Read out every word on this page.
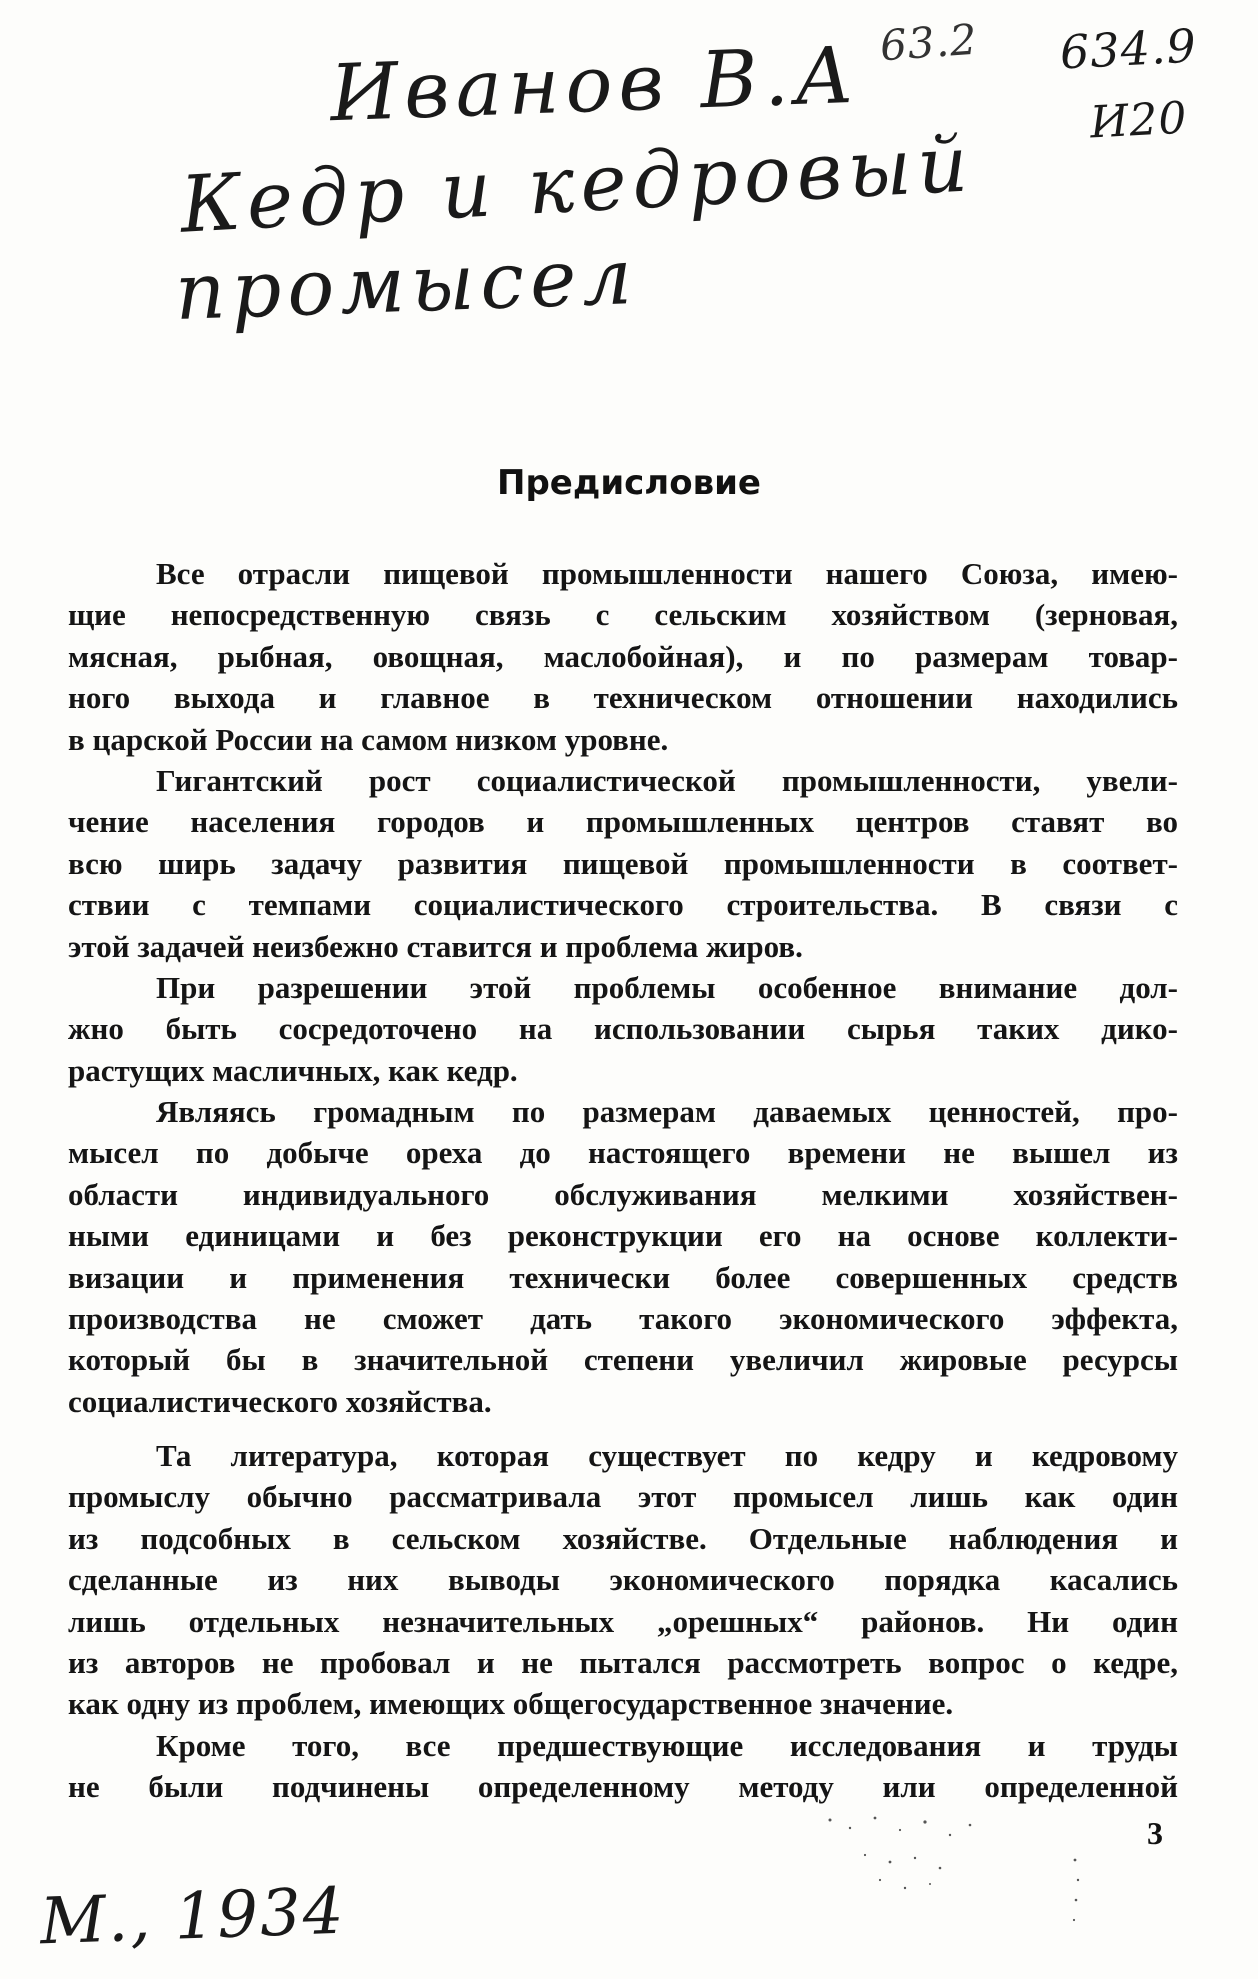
Иванов В.А
Кедр и кедровый
промысел
63.2 634.9
И20
М., 1934
Предисловие
Все отрасли пищевой промышленности нашего Союза, имею-
щие непосредственную связь с сельским хозяйством (зерновая,
мясная, рыбная, овощная, маслобойная), и по размерам товар-
ного выхода и главное в техническом отношении находились
в царской России на самом низком уровне.
Гигантский рост социалистической промышленности, увели-
чение населения городов и промышленных центров ставят во
всю ширь задачу развития пищевой промышленности в соответ-
ствии с темпами социалистического строительства. В связи с
этой задачей неизбежно ставится и проблема жиров.
При разрешении этой проблемы особенное внимание дол-
жно быть сосредоточено на использовании сырья таких дико-
растущих масличных, как кедр.
Являясь громадным по размерам даваемых ценностей, про-
мысел по добыче ореха до настоящего времени не вышел из
области индивидуального обслуживания мелкими хозяйствен-
ными единицами и без реконструкции его на основе коллекти-
визации и применения технически более совершенных средств
производства не сможет дать такого экономического эффекта,
который бы в значительной степени увеличил жировые ресурсы
социалистического хозяйства.
Та литература, которая существует по кедру и кедровому
промыслу обычно рассматривала этот промысел лишь как один
из подсобных в сельском хозяйстве. Отдельные наблюдения и
сделанные из них выводы экономического порядка касались
лишь отдельных незначительных „орешных“ районов. Ни один
из авторов не пробовал и не пытался рассмотреть вопрос о кедре,
как одну из проблем, имеющих общегосударственное значение.
Кроме того, все предшествующие исследования и труды
не были подчинены определенному методу или определенной
3
